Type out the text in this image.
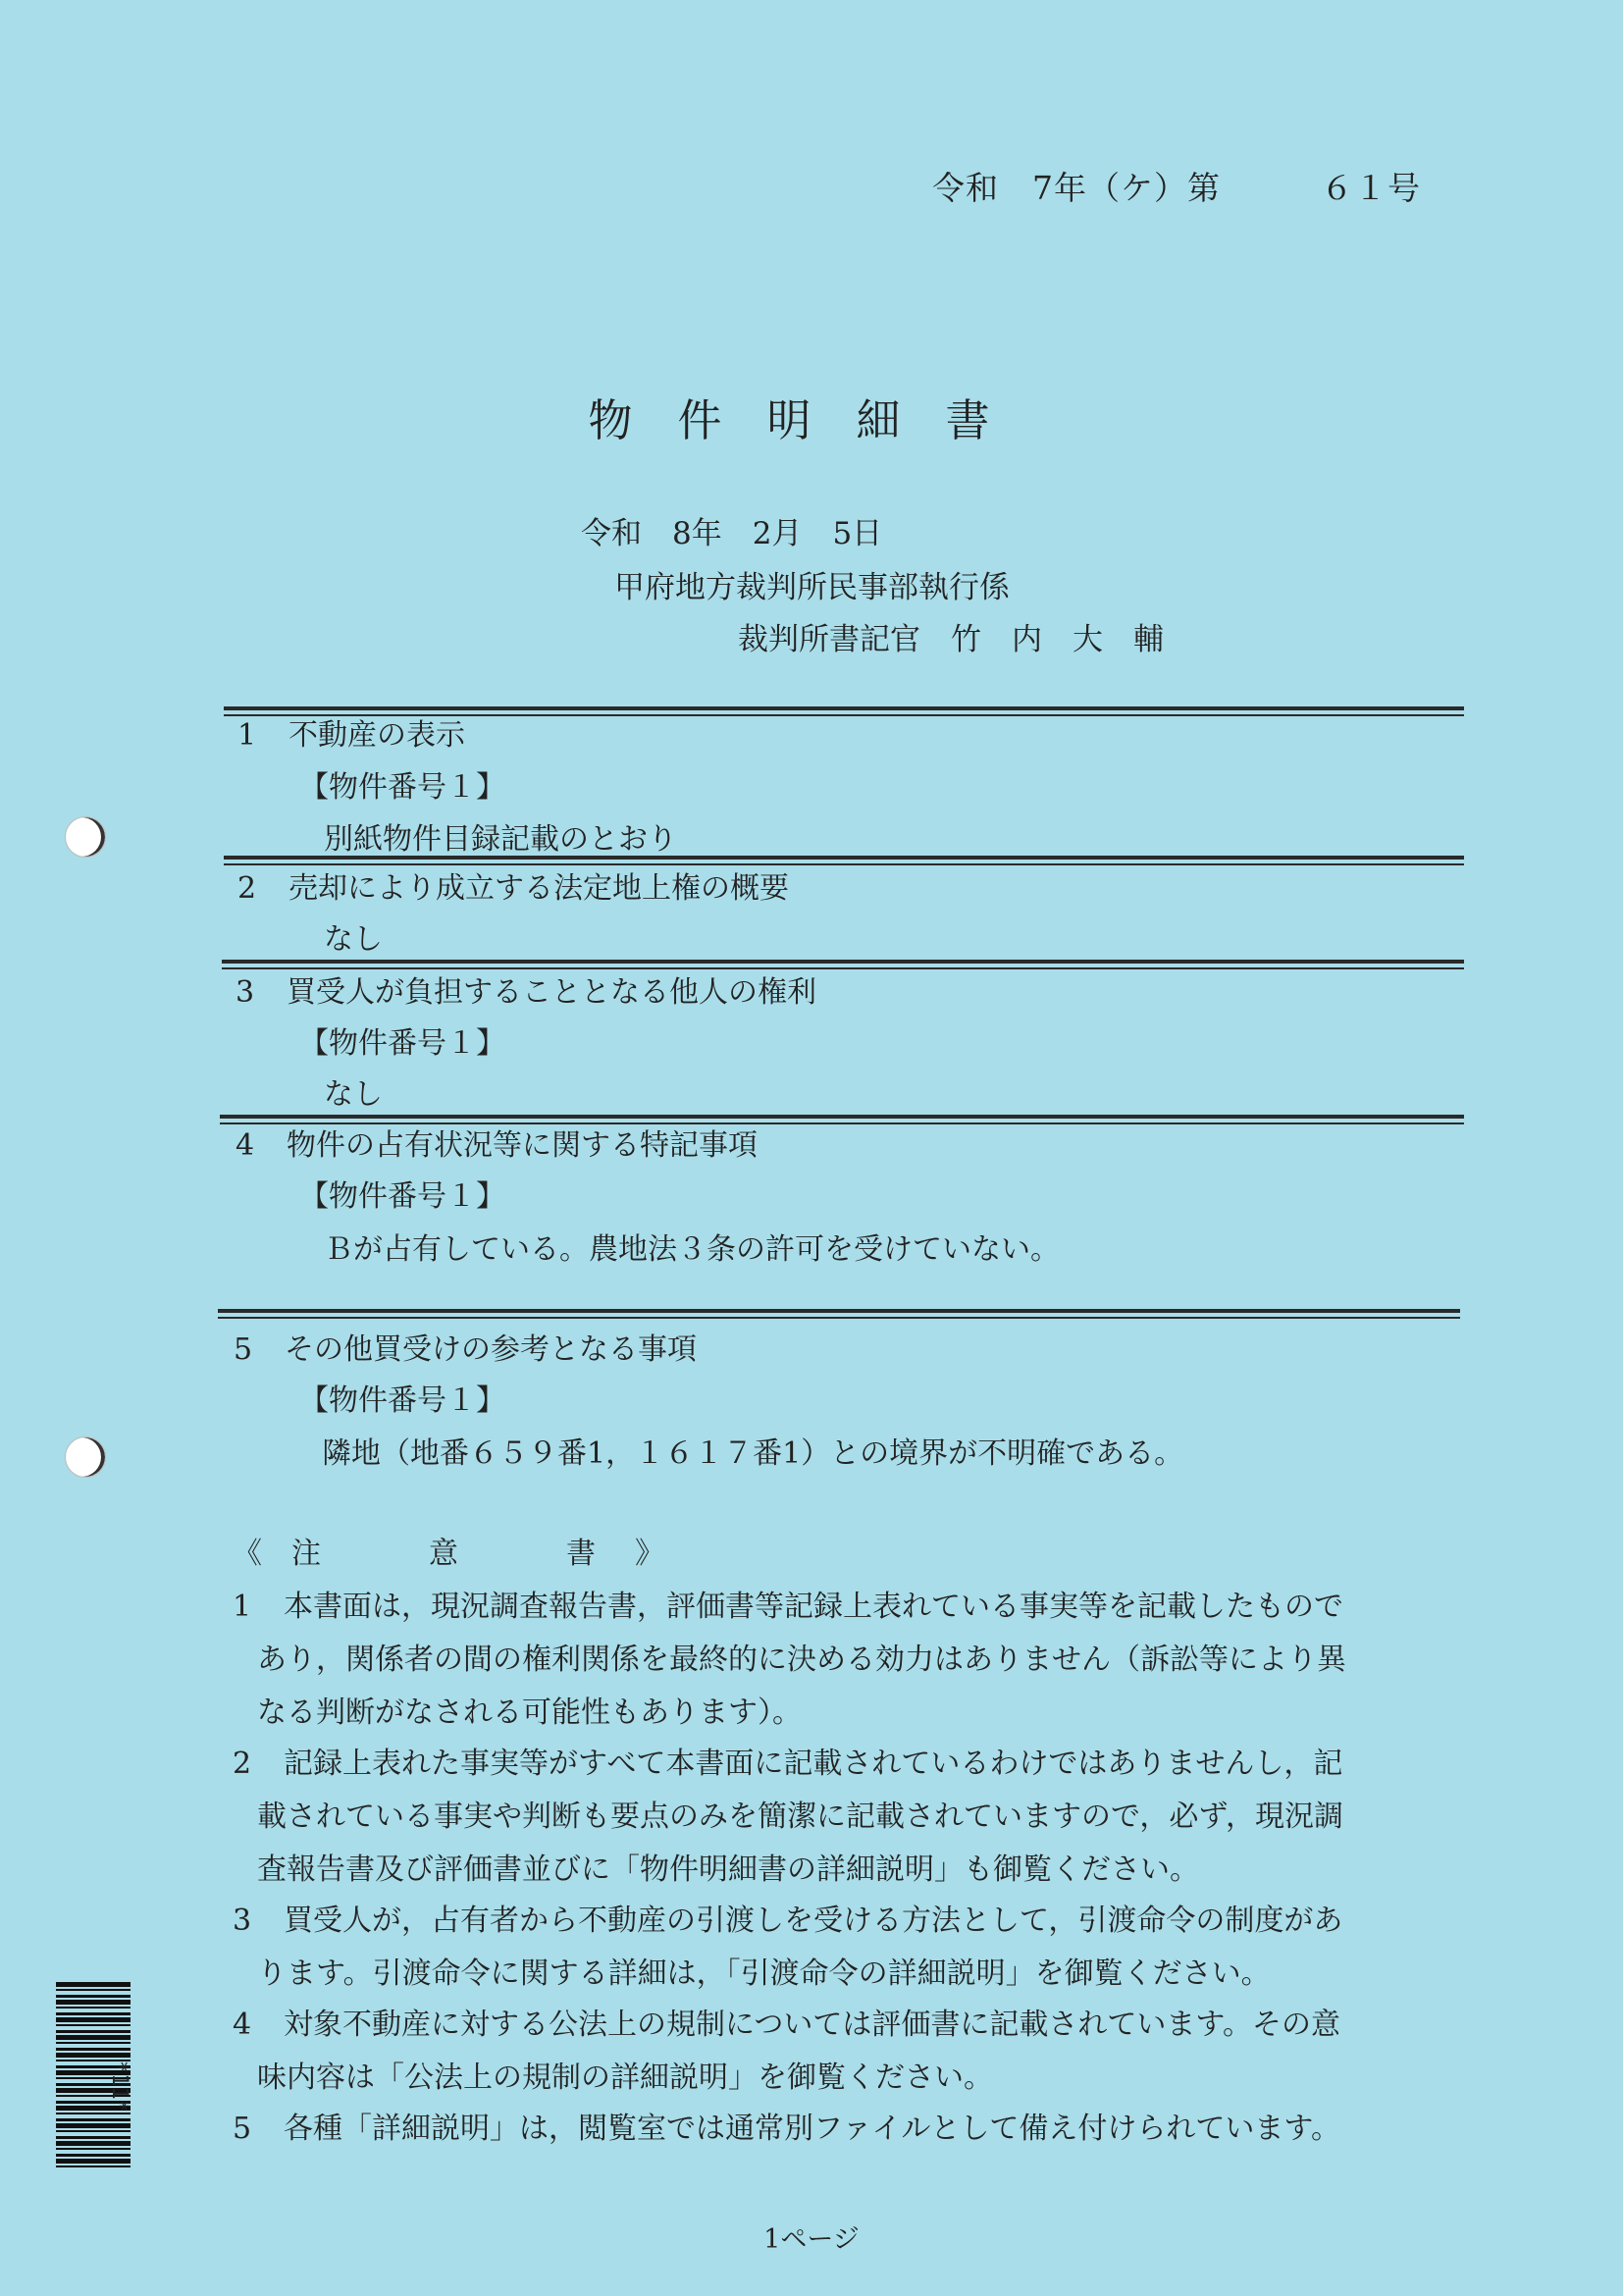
令和　7年（ケ）第　　　６１号
物件明細書
令和　8年　2月　5日
甲府地方裁判所民事部執行係
裁判所書記官　竹　内　大　輔
1 不動産の表示
【物件番号１】
別紙物件目録記載のとおり
2 売却により成立する法定地上権の概要
なし
3 買受人が負担することとなる他人の権利
【物件番号１】
なし
4 物件の占有状況等に関する特記事項
【物件番号１】
Ｂが占有している。農地法３条の許可を受けていない。
5 その他買受けの参考となる事項
【物件番号１】
隣地（地番６５９番1，１６１７番1）との境界が不明確である。
《 注	意	書 》
1 本書面は，現況調査報告書，評価書等記録上表れている事実等を記載したもので
あり，関係者の間の権利関係を最終的に決める効力はありません（訴訟等により異
なる判断がなされる可能性もあります）。
2 記録上表れた事実等がすべて本書面に記載されているわけではありませんし，記
載されている事実や判断も要点のみを簡潔に記載されていますので，必ず，現況調
査報告書及び評価書並びに「物件明細書の詳細説明」も御覧ください。
3 買受人が，占有者から不動産の引渡しを受ける方法として，引渡命令の制度があ
ります。引渡命令に関する詳細は，「引渡命令の詳細説明」を御覧ください。
4 対象不動産に対する公法上の規制については評価書に記載されています。その意
味内容は「公法上の規制の詳細説明」を御覧ください。
5 各種「詳細説明」は，閲覧室では通常別ファイルとして備え付けられています。
1ページ
*11*
